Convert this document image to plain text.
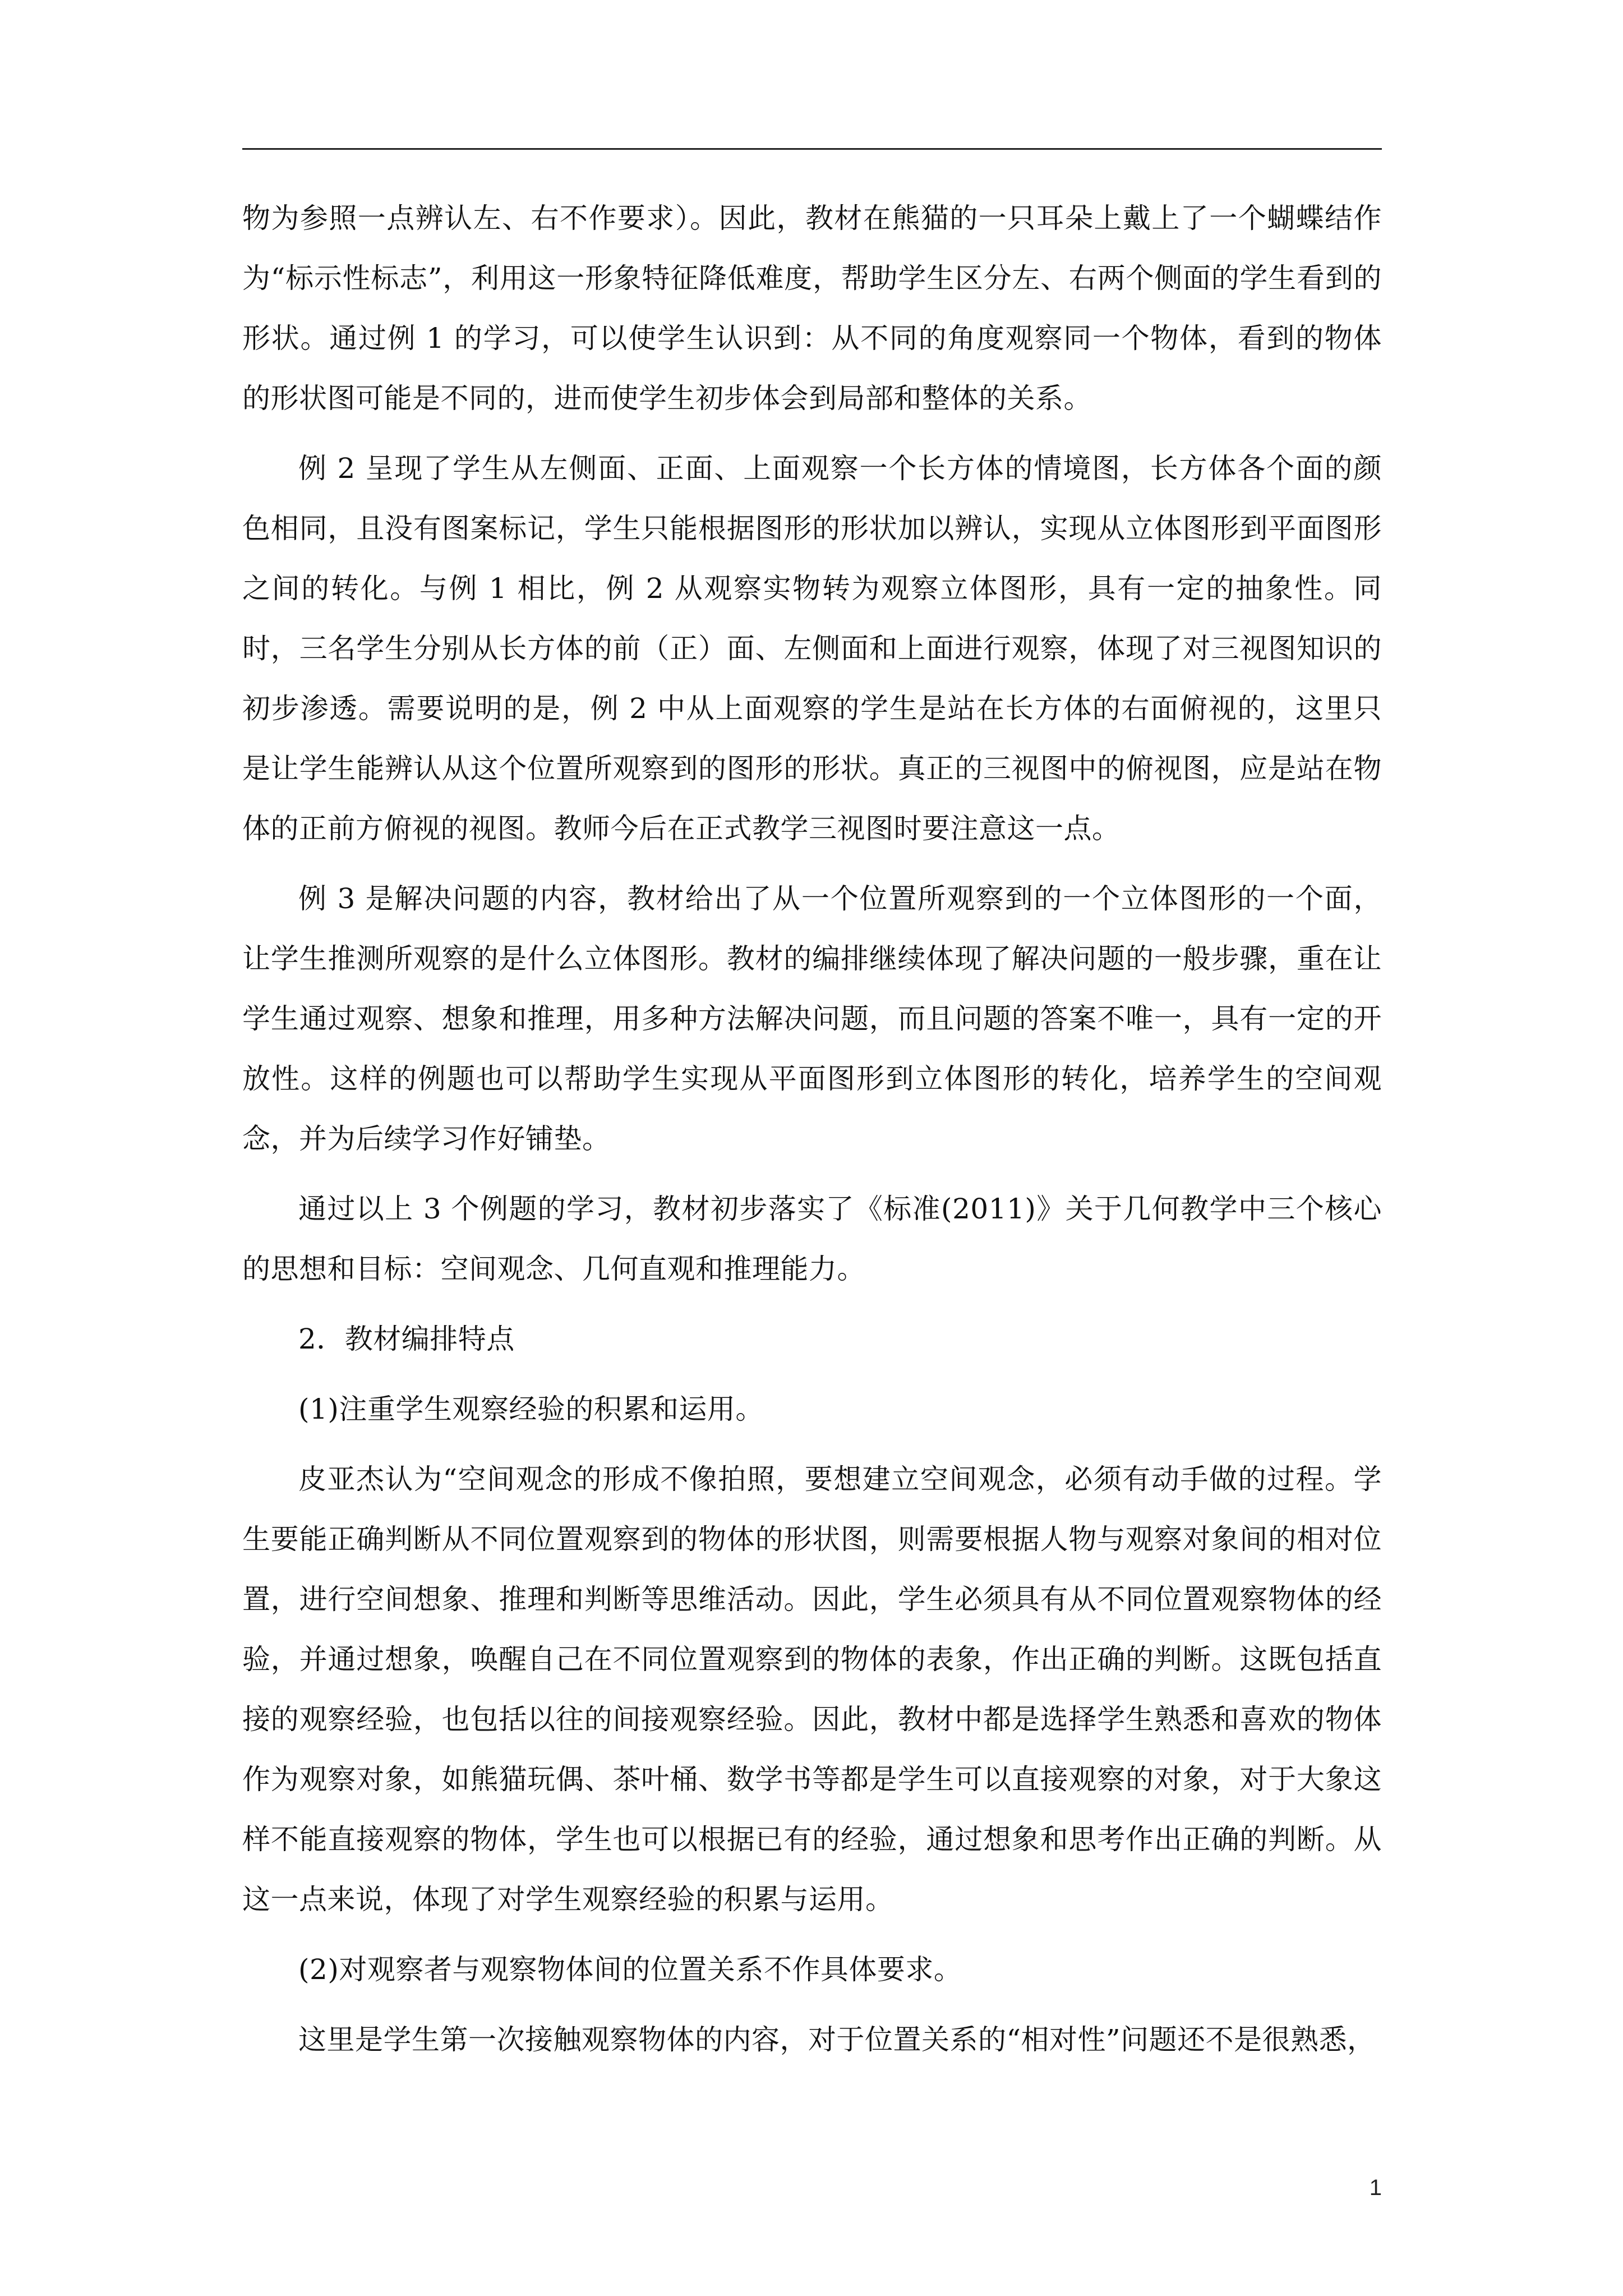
物为参照一点辨认左、右不作要求）。因此，教材在熊猫的一只耳朵上戴上了一个蝴蝶结作为“标示性标志”，利用这一形象特征降低难度，帮助学生区分左、右两个侧面的学生看到的形状。通过例 1 的学习，可以使学生认识到：从不同的角度观察同一个物体，看到的物体的形状图可能是不同的，进而使学生初步体会到局部和整体的关系。

例 2 呈现了学生从左侧面、正面、上面观察一个长方体的情境图，长方体各个面的颜色相同，且没有图案标记，学生只能根据图形的形状加以辨认，实现从立体图形到平面图形之间的转化。与例 1 相比，例 2 从观察实物转为观察立体图形，具有一定的抽象性。同时，三名学生分别从长方体的前（正）面、左侧面和上面进行观察，体现了对三视图知识的初步渗透。需要说明的是，例 2 中从上面观察的学生是站在长方体的右面俯视的，这里只是让学生能辨认从这个位置所观察到的图形的形状。真正的三视图中的俯视图，应是站在物体的正前方俯视的视图。教师今后在正式教学三视图时要注意这一点。

例 3 是解决问题的内容，教材给出了从一个位置所观察到的一个立体图形的一个面，让学生推测所观察的是什么立体图形。教材的编排继续体现了解决问题的一般步骤，重在让学生通过观察、想象和推理，用多种方法解决问题，而且问题的答案不唯一，具有一定的开放性。这样的例题也可以帮助学生实现从平面图形到立体图形的转化，培养学生的空间观念，并为后续学习作好铺垫。

通过以上 3 个例题的学习，教材初步落实了《标准(2011)》关于几何教学中三个核心的思想和目标：空间观念、几何直观和推理能力。

2．教材编排特点

(1)注重学生观察经验的积累和运用。

皮亚杰认为“空间观念的形成不像拍照，要想建立空间观念，必须有动手做的过程。学生要能正确判断从不同位置观察到的物体的形状图，则需要根据人物与观察对象间的相对位置，进行空间想象、推理和判断等思维活动。因此，学生必须具有从不同位置观察物体的经验，并通过想象，唤醒自己在不同位置观察到的物体的表象，作出正确的判断。这既包括直接的观察经验，也包括以往的间接观察经验。因此，教材中都是选择学生熟悉和喜欢的物体作为观察对象，如熊猫玩偶、茶叶桶、数学书等都是学生可以直接观察的对象，对于大象这样不能直接观察的物体，学生也可以根据已有的经验，通过想象和思考作出正确的判断。从这一点来说，体现了对学生观察经验的积累与运用。

(2)对观察者与观察物体间的位置关系不作具体要求。

这里是学生第一次接触观察物体的内容，对于位置关系的“相对性”问题还不是很熟悉，

1
